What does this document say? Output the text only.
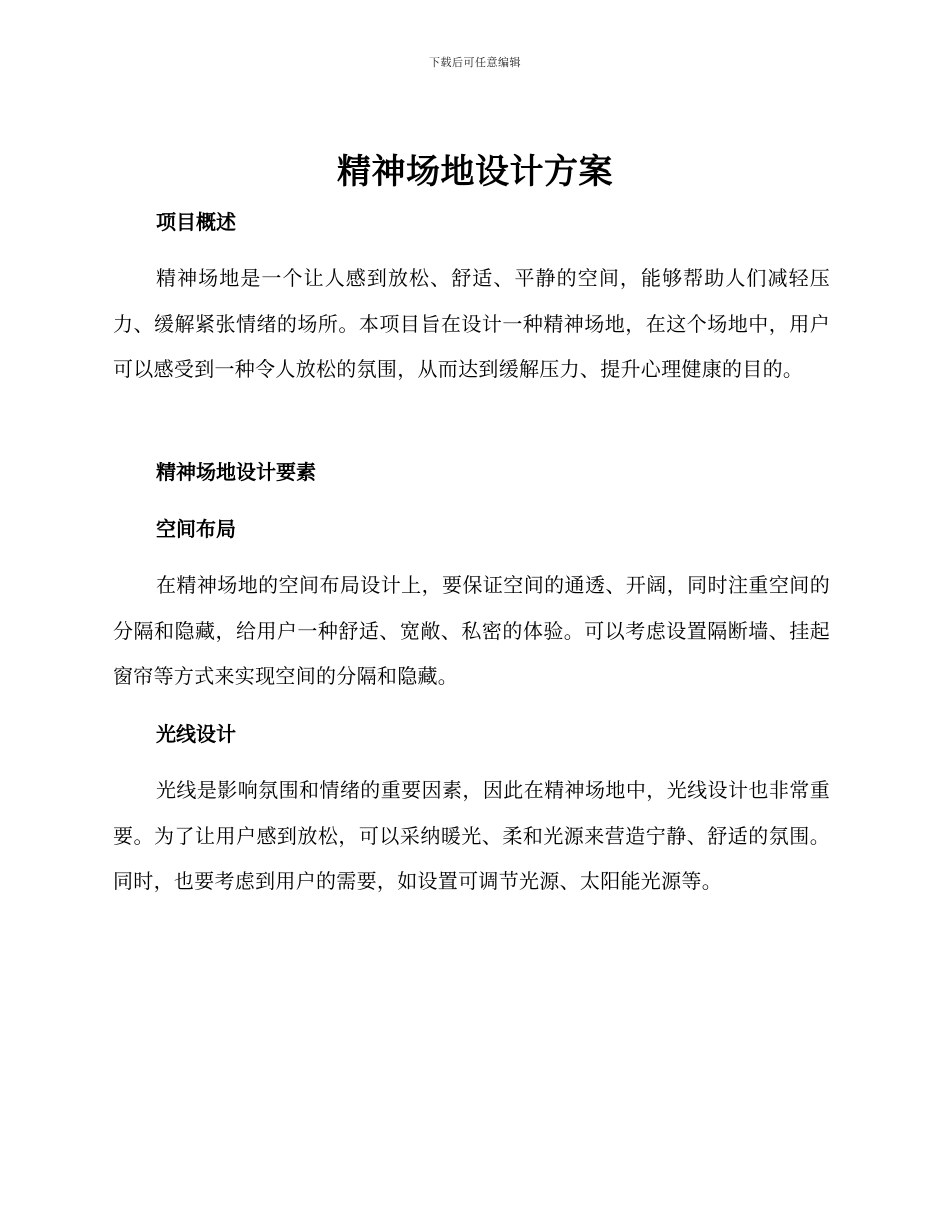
下载后可任意编辑
精神场地设计方案
项目概述

精神场地是一个让人感到放松、舒适、平静的空间，能够帮助人们减轻压力、缓解紧张情绪的场所。本项目旨在设计一种精神场地，在这个场地中，用户可以感受到一种令人放松的氛围，从而达到缓解压力、提升心理健康的目的。

精神场地设计要素
空间布局

在精神场地的空间布局设计上，要保证空间的通透、开阔，同时注重空间的分隔和隐藏，给用户一种舒适、宽敞、私密的体验。可以考虑设置隔断墙、挂起窗帘等方式来实现空间的分隔和隐藏。

光线设计

光线是影响氛围和情绪的重要因素，因此在精神场地中，光线设计也非常重要。为了让用户感到放松，可以采纳暖光、柔和光源来营造宁静、舒适的氛围。同时，也要考虑到用户的需要，如设置可调节光源、太阳能光源等。
